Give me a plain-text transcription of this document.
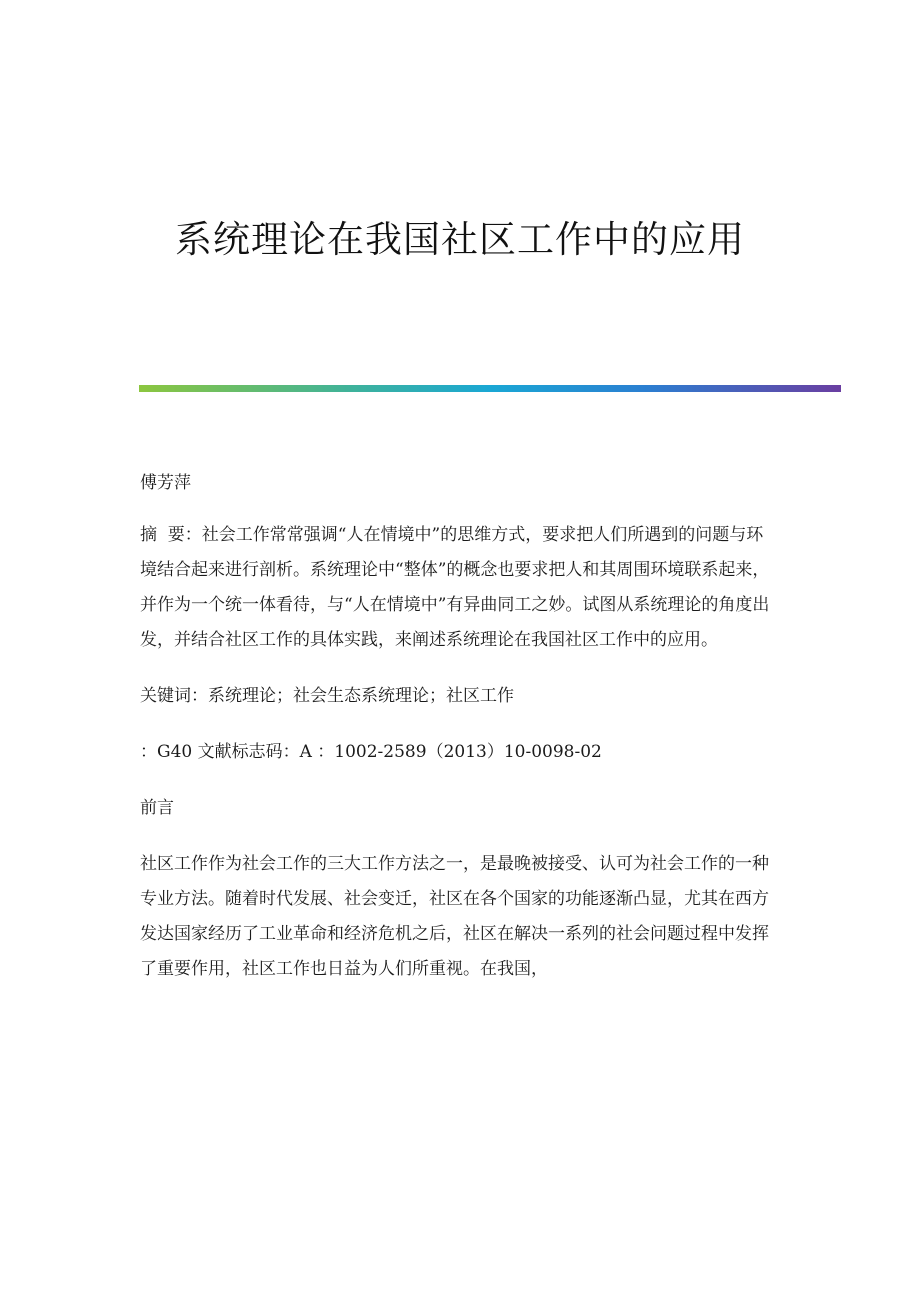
系统理论在我国社区工作中的应用

傅芳萍

摘  要：社会工作常常强调“人在情境中”的思维方式，要求把人们所遇到的问题与环境结合起来进行剖析。系统理论中“整体”的概念也要求把人和其周围环境联系起来，并作为一个统一体看待，与“人在情境中”有异曲同工之妙。试图从系统理论的角度出发，并结合社区工作的具体实践，来阐述系统理论在我国社区工作中的应用。

关键词：系统理论；社会生态系统理论；社区工作

：G40 文献标志码：A ：1002-2589（2013）10-0098-02

前言

社区工作作为社会工作的三大工作方法之一，是最晚被接受、认可为社会工作的一种专业方法。随着时代发展、社会变迁，社区在各个国家的功能逐渐凸显，尤其在西方发达国家经历了工业革命和经济危机之后，社区在解决一系列的社会问题过程中发挥了重要作用，社区工作也日益为人们所重视。在我国，
